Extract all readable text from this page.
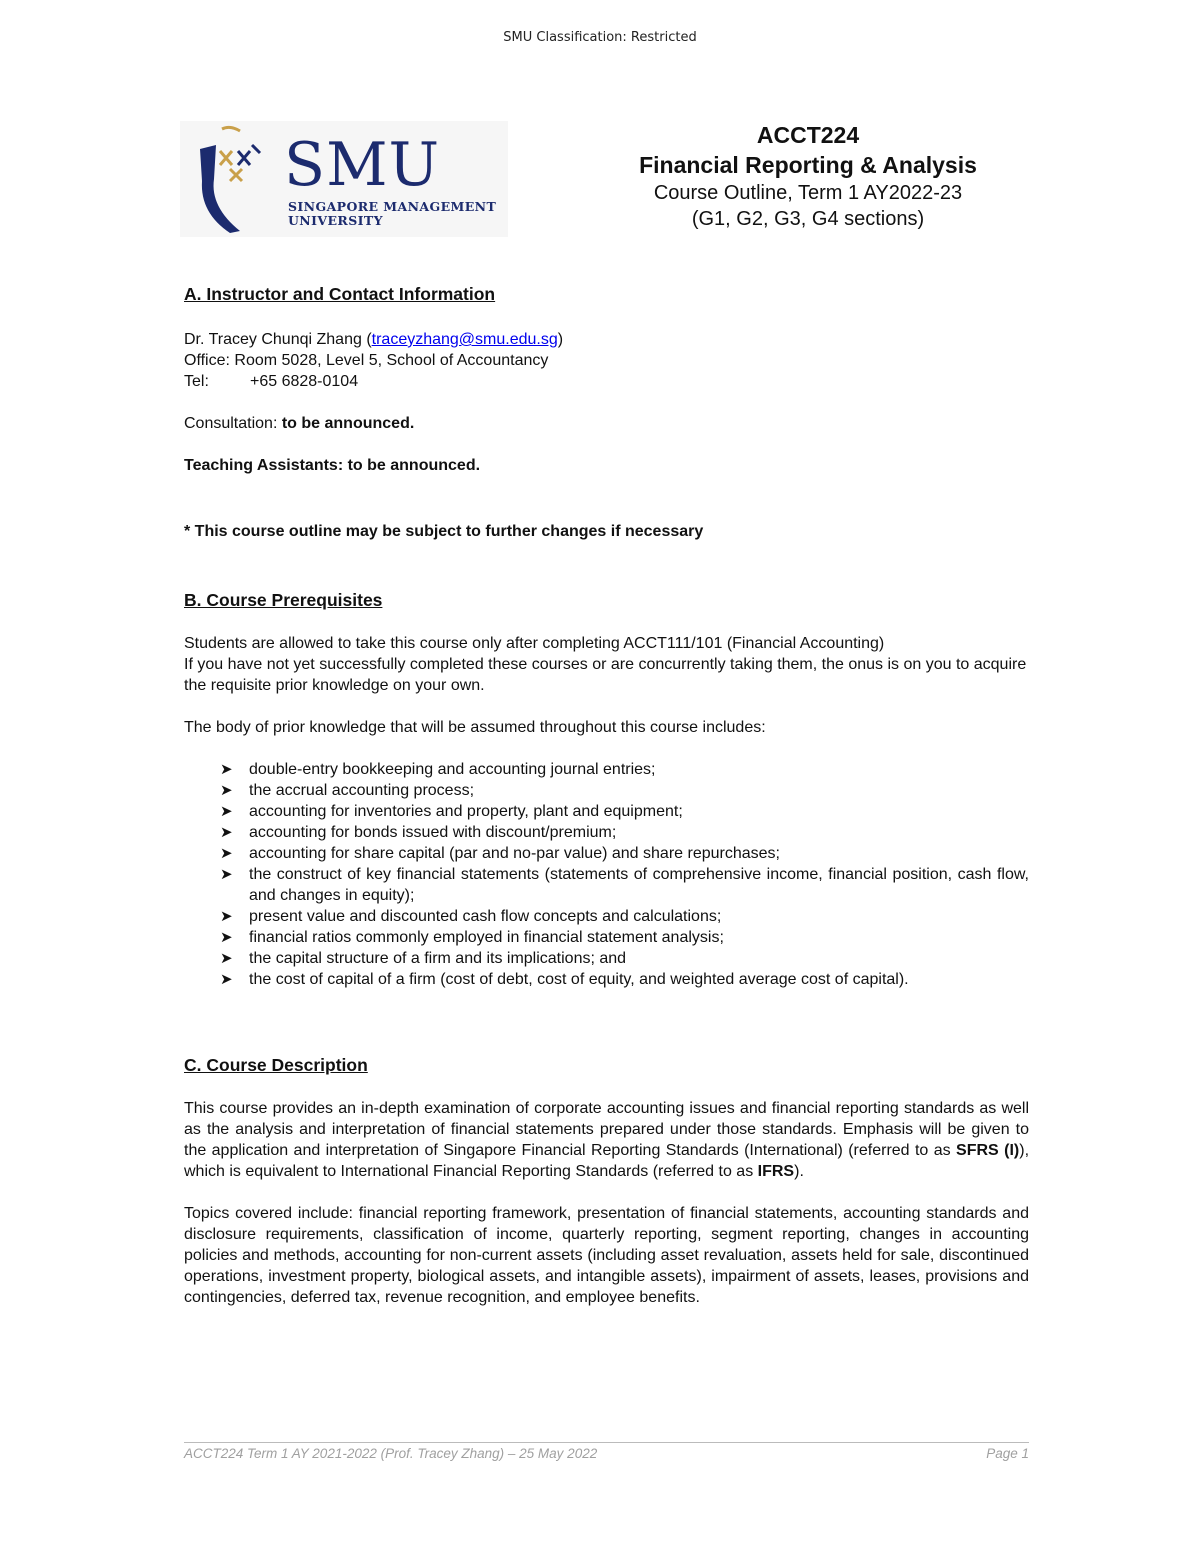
SMU Classification: Restricted
SMU
SINGAPORE MANAGEMENT
UNIVERSITY
ACCT224
Financial Reporting & Analysis
Course Outline, Term 1 AY2022-23
(G1, G2, G3, G4 sections)
A. Instructor and Contact Information

Dr. Tracey Chunqi Zhang (traceyzhang@smu.edu.sg)

Office: Room 5028, Level 5, School of Accountancy

Tel:	+65 6828-0104

Consultation: to be announced.

Teaching Assistants: to be announced.

* This course outline may be subject to further changes if necessary

B. Course Prerequisites

Students are allowed to take this course only after completing ACCT111/101 (Financial Accounting)

If you have not yet successfully completed these courses or are concurrently taking them, the onus is on you to acquire the requisite prior knowledge on your own.

The body of prior knowledge that will be assumed throughout this course includes:

➤ double-entry bookkeeping and accounting journal entries;
➤ the accrual accounting process;
➤ accounting for inventories and property, plant and equipment;
➤ accounting for bonds issued with discount/premium;
➤ accounting for share capital (par and no-par value) and share repurchases;
➤ the construct of key financial statements (statements of comprehensive income, financial position, cash flow, and changes in equity);
➤ present value and discounted cash flow concepts and calculations;
➤ financial ratios commonly employed in financial statement analysis;
➤ the capital structure of a firm and its implications; and
➤ the cost of capital of a firm (cost of debt, cost of equity, and weighted average cost of capital).
C. Course Description

This course provides an in-depth examination of corporate accounting issues and financial reporting standards as well as the analysis and interpretation of financial statements prepared under those standards. Emphasis will be given to the application and interpretation of Singapore Financial Reporting Standards (International) (referred to as SFRS (I)), which is equivalent to International Financial Reporting Standards (referred to as IFRS).

Topics covered include: financial reporting framework, presentation of financial statements, accounting standards and disclosure requirements, classification of income, quarterly reporting, segment reporting, changes in accounting policies and methods, accounting for non-current assets (including asset revaluation, assets held for sale, discontinued operations, investment property, biological assets, and intangible assets), impairment of assets, leases, provisions and contingencies, deferred tax, revenue recognition, and employee benefits.

ACCT224 Term 1 AY 2021-2022 (Prof. Tracey Zhang) – 25 May 2022	Page 1
